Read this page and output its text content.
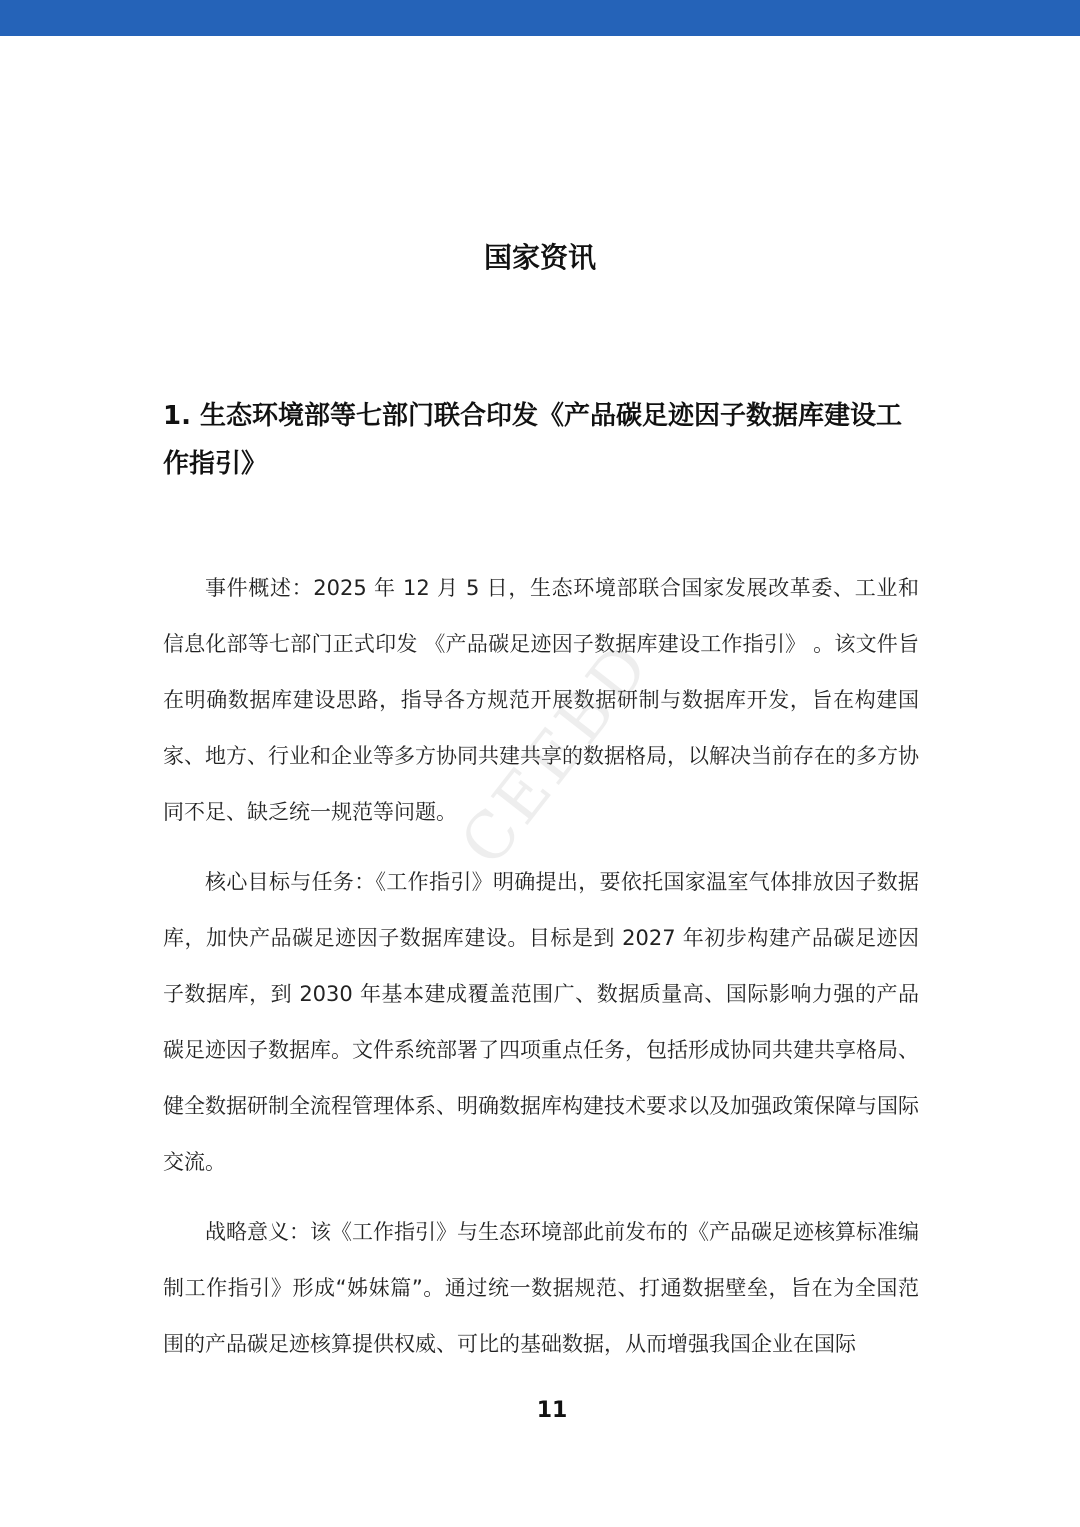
国家资讯
1. 生态环境部等七部门联合印发《产品碳足迹因子数据库建设工作指引》

事件概述：2025 年 12 月 5 日，生态环境部联合国家发展改革委、工业和信息化部等七部门正式印发 《产品碳足迹因子数据库建设工作指引》 。该文件旨在明确数据库建设思路，指导各方规范开展数据研制与数据库开发，旨在构建国家、地方、行业和企业等多方协同共建共享的数据格局，以解决当前存在的多方协同不足、缺乏统一规范等问题。

核心目标与任务：《工作指引》明确提出，要依托国家温室气体排放因子数据库，加快产品碳足迹因子数据库建设。目标是到 2027 年初步构建产品碳足迹因子数据库，到 2030 年基本建成覆盖范围广、数据质量高、国际影响力强的产品碳足迹因子数据库。文件系统部署了四项重点任务，包括形成协同共建共享格局、健全数据研制全流程管理体系、明确数据库构建技术要求以及加强政策保障与国际交流。

战略意义：该《工作指引》与生态环境部此前发布的《产品碳足迹核算标准编制工作指引》形成“姊妹篇”。通过统一数据规范、打通数据壁垒，旨在为全国范围的产品碳足迹核算提供权威、可比的基础数据，从而增强我国企业在国际

CEEBD
11
